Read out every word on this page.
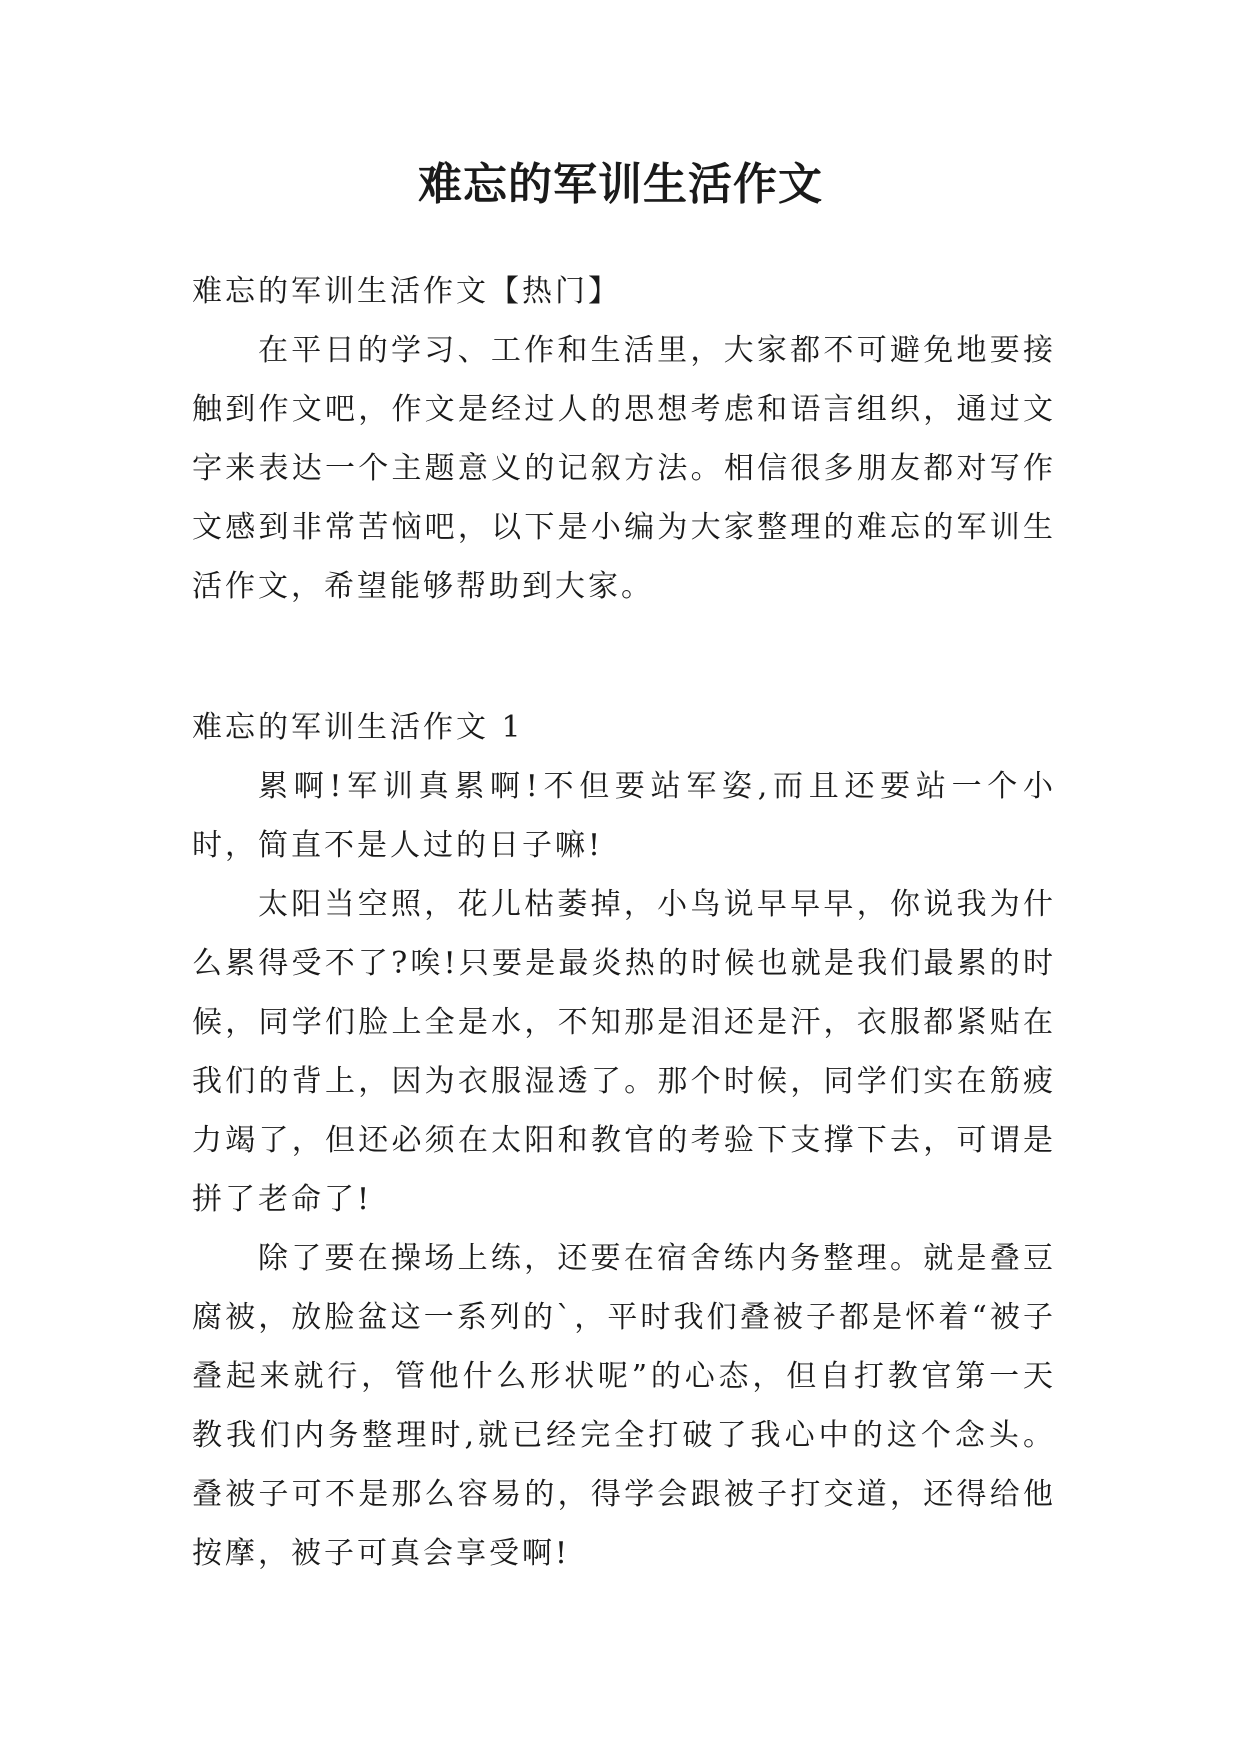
难忘的军训生活作文

难忘的军训生活作文【热门】

在平日的学习、工作和生活里，大家都不可避免地要接触到作文吧，作文是经过人的思想考虑和语言组织，通过文字来表达一个主题意义的记叙方法。相信很多朋友都对写作文感到非常苦恼吧，以下是小编为大家整理的难忘的军训生活作文，希望能够帮助到大家。

难忘的军训生活作文 1

累啊!军训真累啊!不但要站军姿,而且还要站一个小时，简直不是人过的日子嘛!

太阳当空照，花儿枯萎掉，小鸟说早早早，你说我为什么累得受不了?唉!只要是最炎热的时候也就是我们最累的时候，同学们脸上全是水，不知那是泪还是汗，衣服都紧贴在我们的背上，因为衣服湿透了。那个时候，同学们实在筋疲力竭了，但还必须在太阳和教官的考验下支撑下去，可谓是拼了老命了!

除了要在操场上练，还要在宿舍练内务整理。就是叠豆腐被，放脸盆这一系列的`，平时我们叠被子都是怀着“被子叠起来就行，管他什么形状呢”的心态，但自打教官第一天教我们内务整理时,就已经完全打破了我心中的这个念头。叠被子可不是那么容易的，得学会跟被子打交道，还得给他按摩，被子可真会享受啊!
